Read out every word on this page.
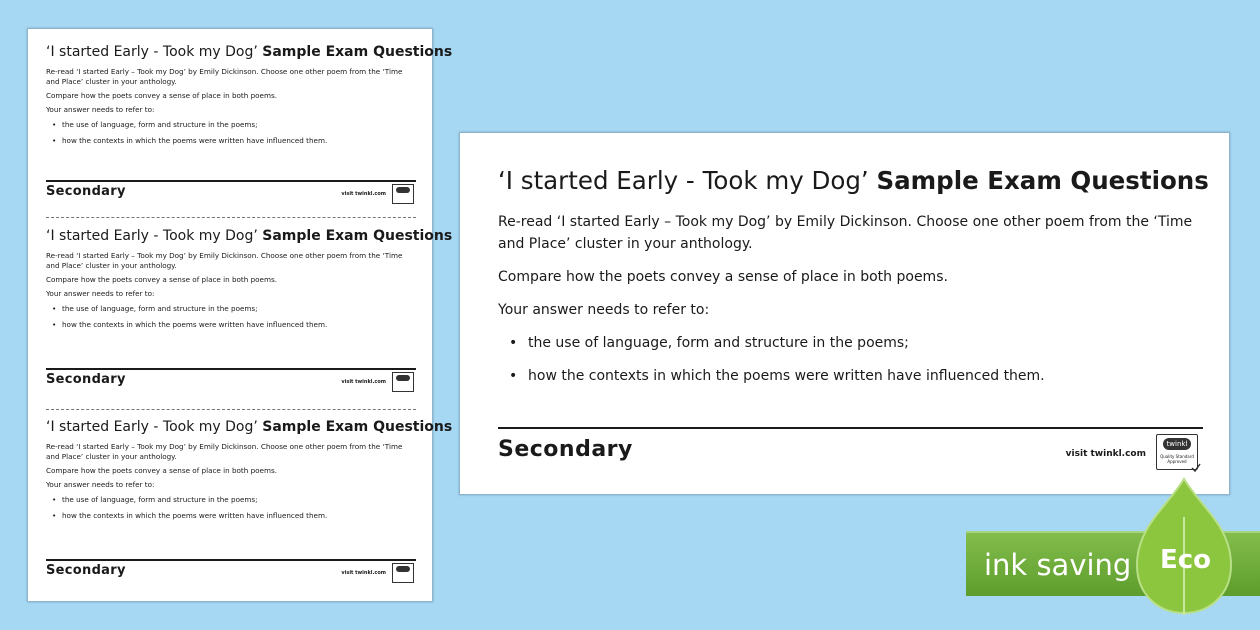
‘I started Early - Took my Dog’ Sample Exam Questions

Re-read ‘I started Early – Took my Dog’ by Emily Dickinson. Choose one other poem from the ‘Time and Place’ cluster in your anthology.

Compare how the poets convey a sense of place in both poems.

Your answer needs to refer to:

• the use of language, form and structure in the poems;
• how the contexts in which the poems were written have influenced them.
Secondary	visit twinkl.com
‘I started Early - Took my Dog’ Sample Exam Questions

Re-read ‘I started Early – Took my Dog’ by Emily Dickinson. Choose one other poem from the ‘Time and Place’ cluster in your anthology.

Compare how the poets convey a sense of place in both poems.

Your answer needs to refer to:

• the use of language, form and structure in the poems;
• how the contexts in which the poems were written have influenced them.
Secondary	visit twinkl.com
‘I started Early - Took my Dog’ Sample Exam Questions

Re-read ‘I started Early – Took my Dog’ by Emily Dickinson. Choose one other poem from the ‘Time and Place’ cluster in your anthology.

Compare how the poets convey a sense of place in both poems.

Your answer needs to refer to:

• the use of language, form and structure in the poems;
• how the contexts in which the poems were written have influenced them.
Secondary	visit twinkl.com
‘I started Early - Took my Dog’ Sample Exam Questions

Re-read ‘I started Early – Took my Dog’ by Emily Dickinson. Choose one other poem from the ‘Time and Place’ cluster in your anthology.

Compare how the poets convey a sense of place in both poems.

Your answer needs to refer to:

• the use of language, form and structure in the poems;
• how the contexts in which the poems were written have influenced them.
Secondary	visit twinkl.com
twinkl
Quality Standard Approved
ink saving Eco
